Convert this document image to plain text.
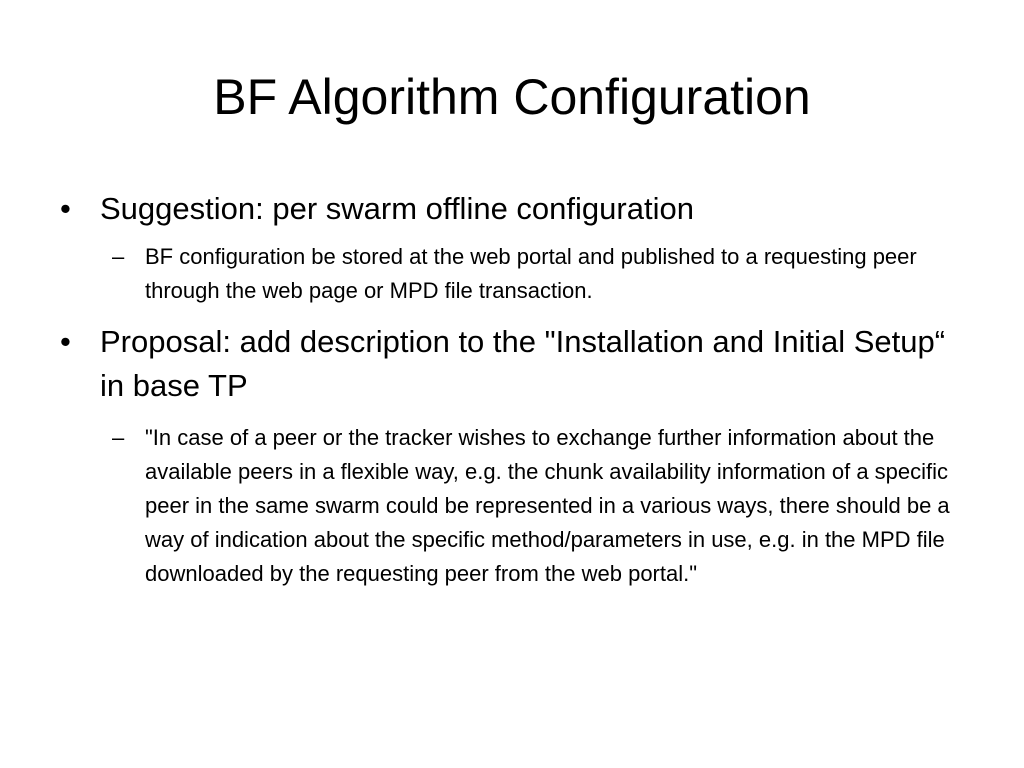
BF Algorithm Configuration
• Suggestion: per swarm offline configuration
– BF configuration be stored at the web portal and published to a requesting peer through the web page or MPD file transaction.
• Proposal: add description to the "Installation and Initial Setup“ in base TP
– "In case of a peer or the tracker wishes to exchange further information about the available peers in a flexible way, e.g. the chunk availability information of a specific peer in the same swarm could be represented in a various ways, there should be a way of indication about the specific method/parameters in use, e.g. in the MPD file downloaded by the requesting peer from the web portal."
